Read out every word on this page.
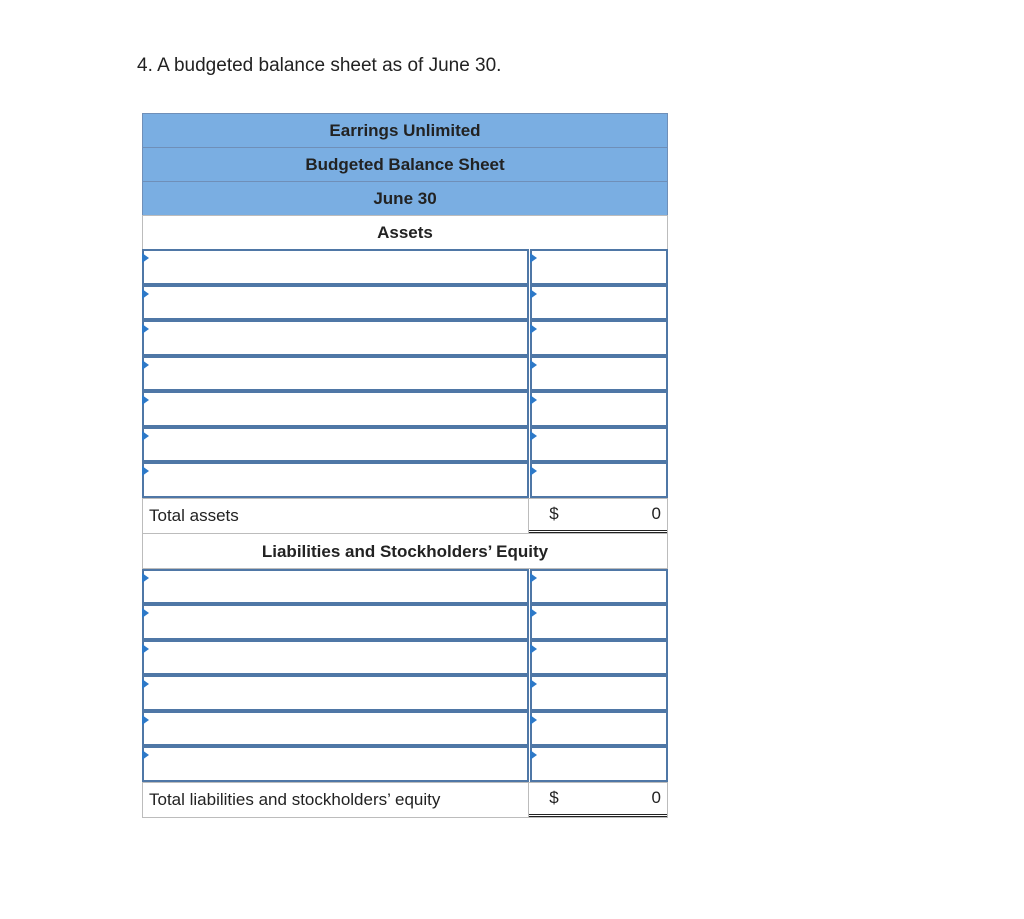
4. A budgeted balance sheet as of June 30.
Earrings Unlimited
Budgeted Balance Sheet
June 30
Assets
Total assets	$	0
Liabilities and Stockholders’ Equity
Total liabilities and stockholders’ equity	$	0
